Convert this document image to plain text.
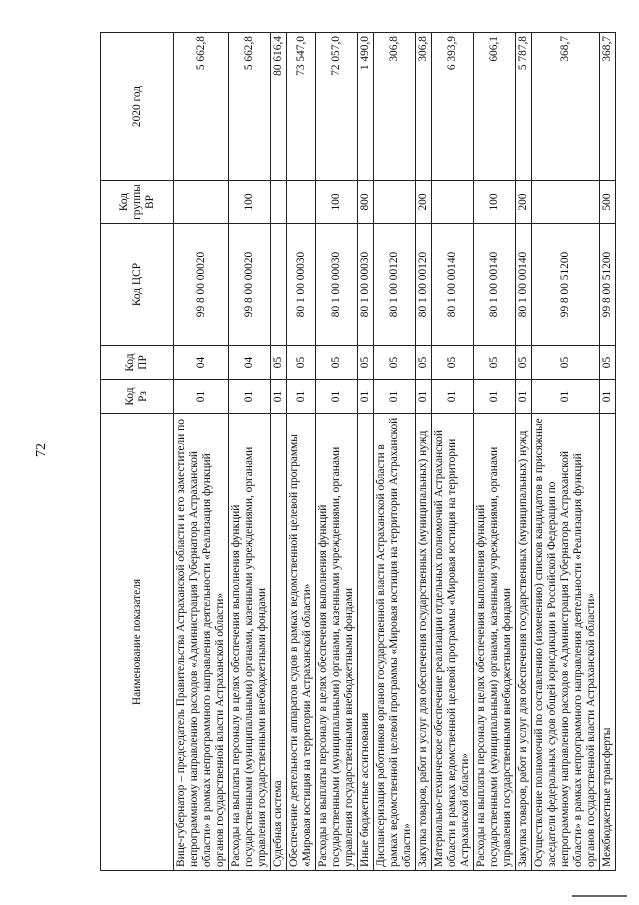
72
Наименование показателя	Код Рз	Код ПР	Код ЦСР	Код группы ВР	2020 год
Вице-губернатор – председатель Правительства Астраханской области и его заместители по непрограммному направлению расходов «Администрация Губернатора Астраханской области» в рамках непрограммного направления деятельности «Реализация функций органов государственной власти Астраханской области»	01	04	99 8 00 00020		5 662,8
Расходы на выплаты персоналу в целях обеспечения выполнения функций государственными (муниципальными) органами, казенными учреждениями, органами управления государственными внебюджетными фондами	01	04	99 8 00 00020	100	5 662,8
Судебная система	01	05			80 616,4
Обеспечение деятельности аппаратов судов в рамках ведомственной целевой программы «Мировая юстиция на территории Астраханской области»	01	05	80 1 00 00030		73 547,0
Расходы на выплаты персоналу в целях обеспечения выполнения функций государственными (муниципальными) органами, казенными учреждениями, органами управления государственными внебюджетными фондами	01	05	80 1 00 00030	100	72 057,0
Иные бюджетные ассигнования	01	05	80 1 00 00030	800	1 490,0
Диспансеризация работников органов государственной власти Астраханской области в рамках ведомственной целевой программы «Мировая юстиция на территории Астраханской области»	01	05	80 1 00 00120		306,8
Закупка товаров, работ и услуг для обеспечения государственных (муниципальных) нужд	01	05	80 1 00 00120	200	306,8
Материально-техническое обеспечение реализации отдельных полномочий Астраханской области в рамках ведомственной целевой программы «Мировая юстиция на территории Астраханской области»	01	05	80 1 00 00140		6 393,9
Расходы на выплаты персоналу в целях обеспечения выполнения функций государственными (муниципальными) органами, казенными учреждениями, органами управления государственными внебюджетными фондами	01	05	80 1 00 00140	100	606,1
Закупка товаров, работ и услуг для обеспечения государственных (муниципальных) нужд	01	05	80 1 00 00140	200	5 787,8
Осуществление полномочий по составлению (изменению) списков кандидатов в присяжные заседатели федеральных судов общей юрисдикции в Российской Федерации по непрограммному направлению расходов «Администрация Губернатора Астраханской области» в рамках непрограммного направления деятельности «Реализация функций органов государственной власти Астраханской области»	01	05	99 8 00 51200		368,7
Межбюджетные трансферты	01	05	99 8 00 51200	500	368,7
